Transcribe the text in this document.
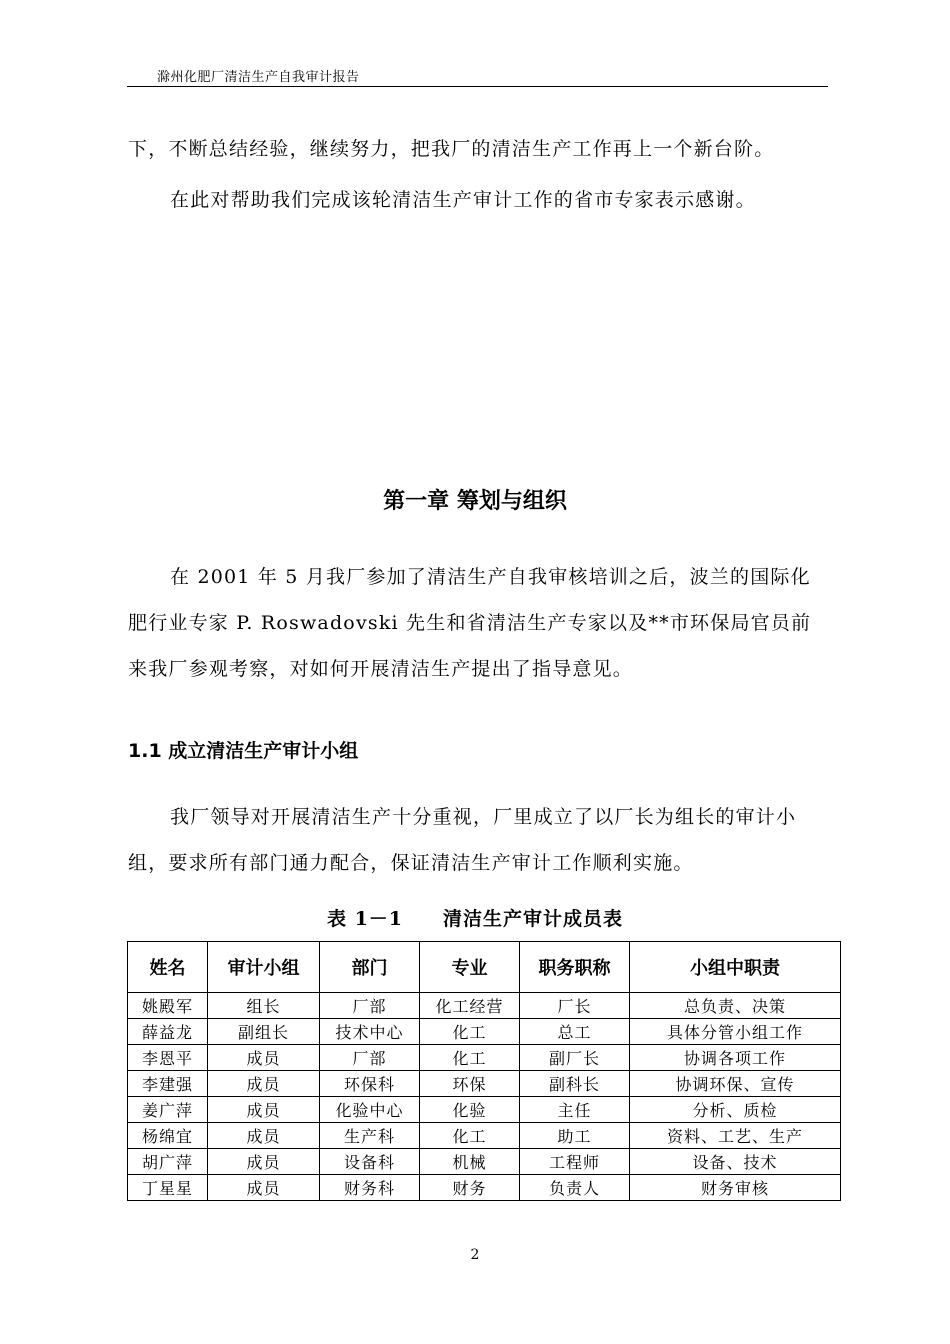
滁州化肥厂清洁生产自我审计报告

下，不断总结经验，继续努力，把我厂的清洁生产工作再上一个新台阶。

在此对帮助我们完成该轮清洁生产审计工作的省市专家表示感谢。

第一章 筹划与组织

在 2001 年 5 月我厂参加了清洁生产自我审核培训之后，波兰的国际化肥行业专家 P. Roswadovski 先生和省清洁生产专家以及**市环保局官员前来我厂参观考察，对如何开展清洁生产提出了指导意见。

1.1 成立清洁生产审计小组

我厂领导对开展清洁生产十分重视，厂里成立了以厂长为组长的审计小组，要求所有部门通力配合，保证清洁生产审计工作顺利实施。

表 1－1 清洁生产审计成员表
姓名	审计小组	部门	专业	职务职称	小组中职责
姚殿军	组长	厂部	化工经营	厂长	总负责、决策
薛益龙	副组长	技术中心	化工	总工	具体分管小组工作
李恩平	成员	厂部	化工	副厂长	协调各项工作
李建强	成员	环保科	环保	副科长	协调环保、宣传
姜广萍	成员	化验中心	化验	主任	分析、质检
杨绵宜	成员	生产科	化工	助工	资料、工艺、生产
胡广萍	成员	设备科	机械	工程师	设备、技术
丁星星	成员	财务科	财务	负责人	财务审核
2
